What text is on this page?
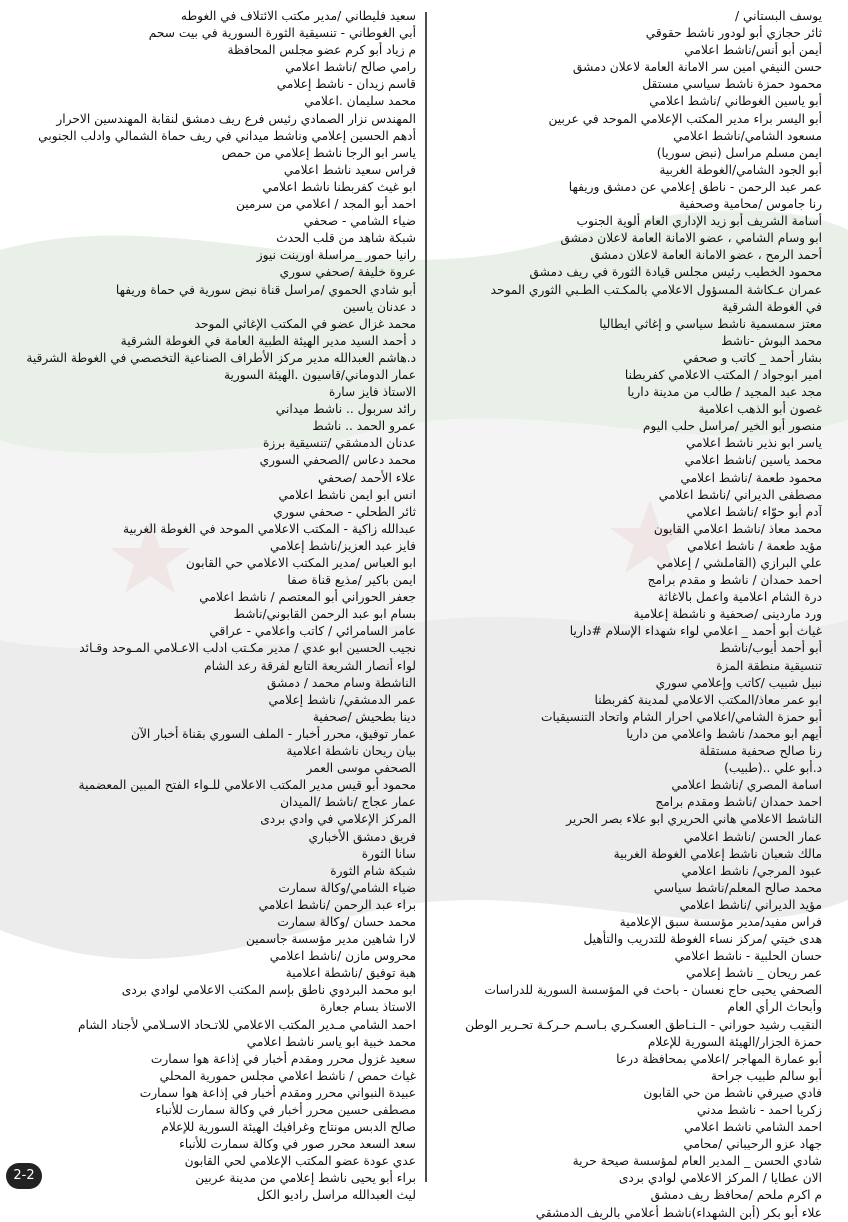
يوسف البستاني /
ثائر حجازي أبو لودور ناشط حقوقي
أيمن أبو أنس/ناشط اعلامي
حسن النيفي امين سر الامانة العامة لاعلان دمشق
محمود حمزة ناشط سياسي مستقل
أبو ياسين الغوطاني /ناشط اعلامي
أبو اليسر براء مدير المكتب الإعلامي الموحد في عربين
مسعود الشامي/ناشط اعلامي
ايمن مسلم مراسل (نبض سوريا)
أبو الجود الشامي/الغوطة الغربية
عمر عبد الرحمن - ناطق إعلامي عن دمشق وريفها
رنا جاموس /محامية وصحفية
أسامة الشريف أبو زيد الإداري العام ألوية الجنوب
ابو وسام الشامي ، عضو الامانة العامة لاعلان دمشق
أحمد الرمح ، عضو الامانة العامة لاعلان دمشق
محمود الخطيب رئيس مجلس قيادة الثورة في ريف دمشق
عمران عـكاشة المسؤول الاعلامي بالمكـتب الطـبي الثوري الموحد
في الغوطة الشرقية
معتز سمسمية ناشط سياسي و إغاثي ايطاليا
محمد البوش -ناشط
بشار أحمد _ كاتب و صحفي
امير ابوجواد / المكتب الاعلامي كفربطنا
مجد عبد المجيد / طالب من مدينة داريا
غصون أبو الذهب اعلامية
منصور أبو الخير /مراسل حلب اليوم
ياسر ابو نذير ناشط اعلامي
محمد ياسين /ناشط اعلامي
محمود طعمة /ناشط اعلامي
مصطفى الديراني /ناشط اعلامي
آدم أبو حوّاء /ناشط اعلامي
محمد معاذ /ناشط اعلامي القابون
مؤيد طعمة / ناشط اعلامي
علي البرازي (القاملشي / إعلامي
احمد حمدان / ناشط و مقدم برامج
درة الشام اعلامية واعمل بالاغاثة
ورد ماردينى /صحفية و ناشطة إعلامية
غياث أبو أحمد _ اعلامي لواء شهداء الإسلام #داريا
أبو أحمد أيوب/ناشط
تنسيقية منطقة المزة
نبيل شبيب /كاتب وإعلامي سوري
ابو عمر معاذ/المكتب الاعلامي لمدينة كفربطنا
أبو حمزة الشامي/اعلامي احرار الشام واتحاد التنسيقيات
أيهم ابو محمد/ ناشط واعلامي من داريا
رنا صالح صحفية مستقلة
د.أبو علي ..(طبيب)
اسامة المصري /ناشط اعلامي
احمد حمدان /ناشط ومقدم برامج
الناشط الاعلامي هاني الحريري ابو علاء بصر الحرير
عمار الحسن /ناشط اعلامي
مالك شعبان ناشط إعلامي الغوطة الغربية
عبود المرجي/ ناشط اعلامي
محمد صالح المعلم/ناشط سياسي
مؤيد الديراني /ناشط اعلامي
فراس مفيد/مدير مؤسسة سبق الإعلامية
هدى خيتي /مركز نساء الغوطة للتدريب والتأهيل
حسان الحلبية - ناشط اعلامي
عمر ريحان _ ناشط إعلامي
الصحفي يحيى حاج نعسان - باحث في المؤسسة السورية للدراسات
وأبحاث الرأي العام
النقيب رشيد حوراني - الـنـاطق العسكـري بـاسـم حـركـة تحـرير الوطن
حمزة الجزار/الهيئة السورية للإعلام
أبو عمارة المهاجر /اعلامي بمحافظة درعا
أبو سالم طبيب جراحة
فادي صيرفي ناشط من حي القابون
زكريا احمد - ناشط مدني
احمد الشامي ناشط اعلامي
جهاد عزو الرحيباني /محامي
شادي الحسن _ المدير العام لمؤسسة صيحة حرية
الان عطايا / المركز الاعلامي لوادي بردى
م اكرم ملحم /محافظ ريف دمشق
علاء أبو بكر (أبن الشهداء)ناشط أعلامي بالريف الدمشقي
سعيد فليطاني /مدير مكتب الائتلاف في الغوطه
أبي الغوطاني - تنسيقية الثورة السورية في بيت سحم
م زياد أبو كرم عضو مجلس المحافظة
رامي صالح /ناشط اعلامي
قاسم زيدان - ناشط إعلامي
محمد سليمان .اعلامي
المهندس نزار الصمادي رئيس فرع ريف دمشق لنقابة المهندسين الاحرار
أدهم الحسين إعلامي وناشط ميداني في ريف حماة الشمالي وادلب الجنوبي
ياسر ابو الرجا ناشط إعلامي من حمص
فراس سعيد ناشط اعلامي
ابو غيث كفربطنا ناشط اعلامي
احمد أبو المجد / اعلامي من سرمين
ضياء الشامي - صحفي
شبكة شاهد من قلب الحدث
رانيا حمور _مراسلة اورينت نيوز
عروة خليفة /صحفي سوري
أبو شادي الحموي /مراسل قناة نبض سورية في حماة وريفها
د عدنان ياسين
محمد غزال عضو في المكتب الإغاثي الموحد
د أحمد السيد مدير الهيئة الطبية العامة في الغوطة الشرقية
د.هاشم العبدالله مدير مركز الأطراف الصناعية التخصصي في الغوطة الشرقية
عمار الدوماني/قاسيون .الهيئة السورية
الاستاذ فايز سارة
رائد سربول .. ناشط ميداني
عمرو الحمد .. ناشط
عدنان الدمشقي /تنسيقية برزة
محمد دعاس /الصحفي السوري
علاء الأحمد /صحفي
انس ابو ايمن ناشط اعلامي
ثائر الطحلي - صحفي سوري
عبدالله زاكية - المكتب الاعلامي الموحد في الغوطة الغربية
فايز عبد العزيز/ناشط إعلامي
ابو العباس /مدير المكتب الاعلامي حي القابون
ايمن باكير /مذيع قناة صفا
جعفر الحوراني أبو المعتصم / ناشط اعلامي
بسام ابو عبد الرحمن القابوني/ناشط
عامر السامرائي / كاتب واعلامي - عراقي
نجيب الحسين ابو عدي / مدير مكـتب ادلب الاعـلامي المـوحد وقـائد
لواء أنصار الشريعة التابع لفرقة رعد الشام
الناشطة وسام محمد / دمشق
عمر الدمشقي/ ناشط إعلامي
دينا بطحيش /صحفية
عمار توفيق، محرر أخبار - الملف السوري بقناة أخبار الآن
بيان ريحان ناشطة اعلامية
الصحفي موسى العمر
محمود أبو قيس مدير المكتب الاعلامي للـواء الفتح المبين المعضمية
عمار عجاج /ناشط /الميدان
المركز الإعلامي في وادي بردى
فريق دمشق الأخباري
سانا الثورة
شبكة شام الثورة
ضياء الشامي/وكالة سمارت
براء عبد الرحمن /ناشط اعلامي
محمد حسان /وكالة سمارت
لارا شاهين مدير مؤسسة جاسمين
محروس مازن /ناشط اعلامي
هبة توفيق /ناشطة اعلامية
ابو محمد البردوي ناطق بإسم المكتب الاعلامي لوادي بردى
الاستاذ بسام جعارة
احمد الشامي مـدير المكتب الاعلامي للاتـحاد الاسـلامي لأجناد الشام
محمد خبية ابو ياسر ناشط اعلامي
سعيد غزول محرر ومقدم أخبار في إذاعة هوا سمارت
غياث حمص / ناشط اعلامي مجلس حمورية المحلي
عبيدة النبواني محرر ومقدم أخبار في إذاعة هوا سمارت
مصطفى حسين محرر أخبار في وكالة سمارت للأنباء
صالح الدبس مونتاج وغرافيك الهيئة السورية للإعلام
سعد السعد محرر صور في وكالة سمارت للأنباء
عدي عودة عضو المكتب الإعلامي لحي القابون
براء أبو يحيى ناشط إعلامي من مدينة عربين
ليث العبدالله مراسل راديو الكل
2-2
